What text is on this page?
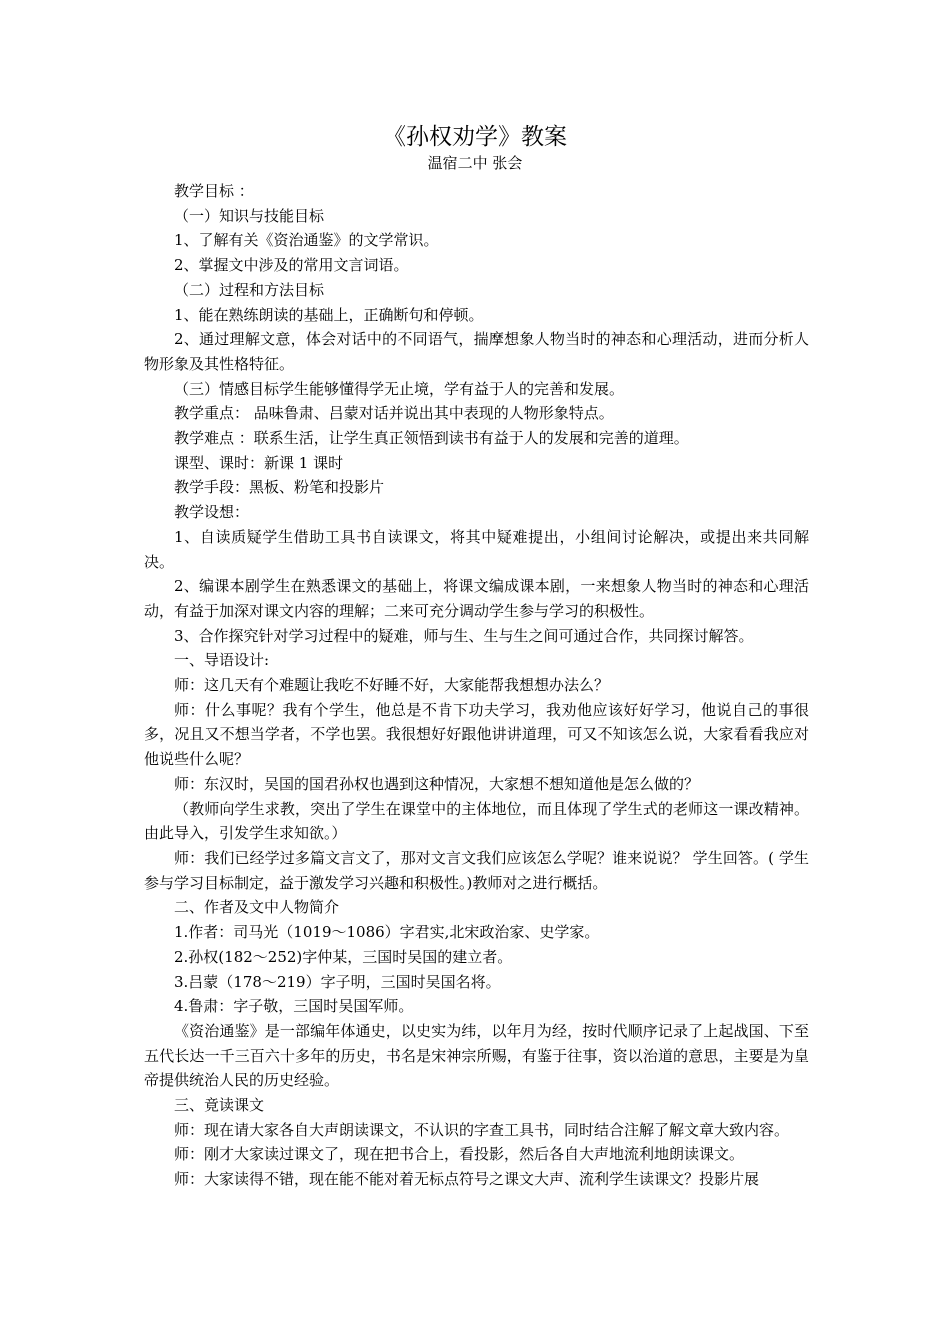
《孙权劝学》教案
温宿二中 张会

教学目标 ：

（一）知识与技能目标

1、了解有关《资治通鉴》的文学常识。

2、掌握文中涉及的常用文言词语。

（二）过程和方法目标

1、能在熟练朗读的基础上，正确断句和停顿。

2、通过理解文意，体会对话中的不同语气，揣摩想象人物当时的神态和心理活动，进而分析人物形象及其性格特征。

（三）情感目标学生能够懂得学无止境，学有益于人的完善和发展。

教学重点： 品味鲁肃、吕蒙对话并说出其中表现的人物形象特点。

教学难点 ：联系生活，让学生真正领悟到读书有益于人的发展和完善的道理。

课型、课时：新课 1 课时

教学手段：黑板、粉笔和投影片

教学设想：

1、自读质疑学生借助工具书自读课文，将其中疑难提出，小组间讨论解决，或提出来共同解决。

2、编课本剧学生在熟悉课文的基础上，将课文编成课本剧，一来想象人物当时的神态和心理活动，有益于加深对课文内容的理解；二来可充分调动学生参与学习的积极性。

3、合作探究针对学习过程中的疑难，师与生、生与生之间可通过合作，共同探讨解答。

一、导语设计:

师：这几天有个难题让我吃不好睡不好，大家能帮我想想办法么？

师：什么事呢？我有个学生，他总是不肯下功夫学习，我劝他应该好好学习，他说自己的事很多，况且又不想当学者，不学也罢。我很想好好跟他讲讲道理，可又不知该怎么说，大家看看我应对他说些什么呢？

师：东汉时，吴国的国君孙权也遇到这种情况，大家想不想知道他是怎么做的？

（教师向学生求教，突出了学生在课堂中的主体地位，而且体现了学生式的老师这一课改精神。由此导入，引发学生求知欲。）

师：我们已经学过多篇文言文了，那对文言文我们应该怎么学呢？谁来说说？ 学生回答。( 学生参与学习目标制定，益于激发学习兴趣和积极性。)教师对之进行概括。

二、作者及文中人物简介

1.作者：司马光（1019～1086）字君实,北宋政治家、史学家。

2.孙权(182～252)字仲某，三国时吴国的建立者。

3.吕蒙（178～219）字子明，三国时吴国名将。

4.鲁肃：字子敬，三国时吴国军师。

《资治通鉴》是一部编年体通史，以史实为纬，以年月为经，按时代顺序记录了上起战国、下至五代长达一千三百六十多年的历史，书名是宋神宗所赐，有鉴于往事，资以治道的意思，主要是为皇帝提供统治人民的历史经验。

三、竟读课文

师：现在请大家各自大声朗读课文，不认识的字查工具书，同时结合注解了解文章大致内容。

师：刚才大家读过课文了，现在把书合上，看投影，然后各自大声地流利地朗读课文。

师：大家读得不错，现在能不能对着无标点符号之课文大声、流利学生读课文？投影片展
